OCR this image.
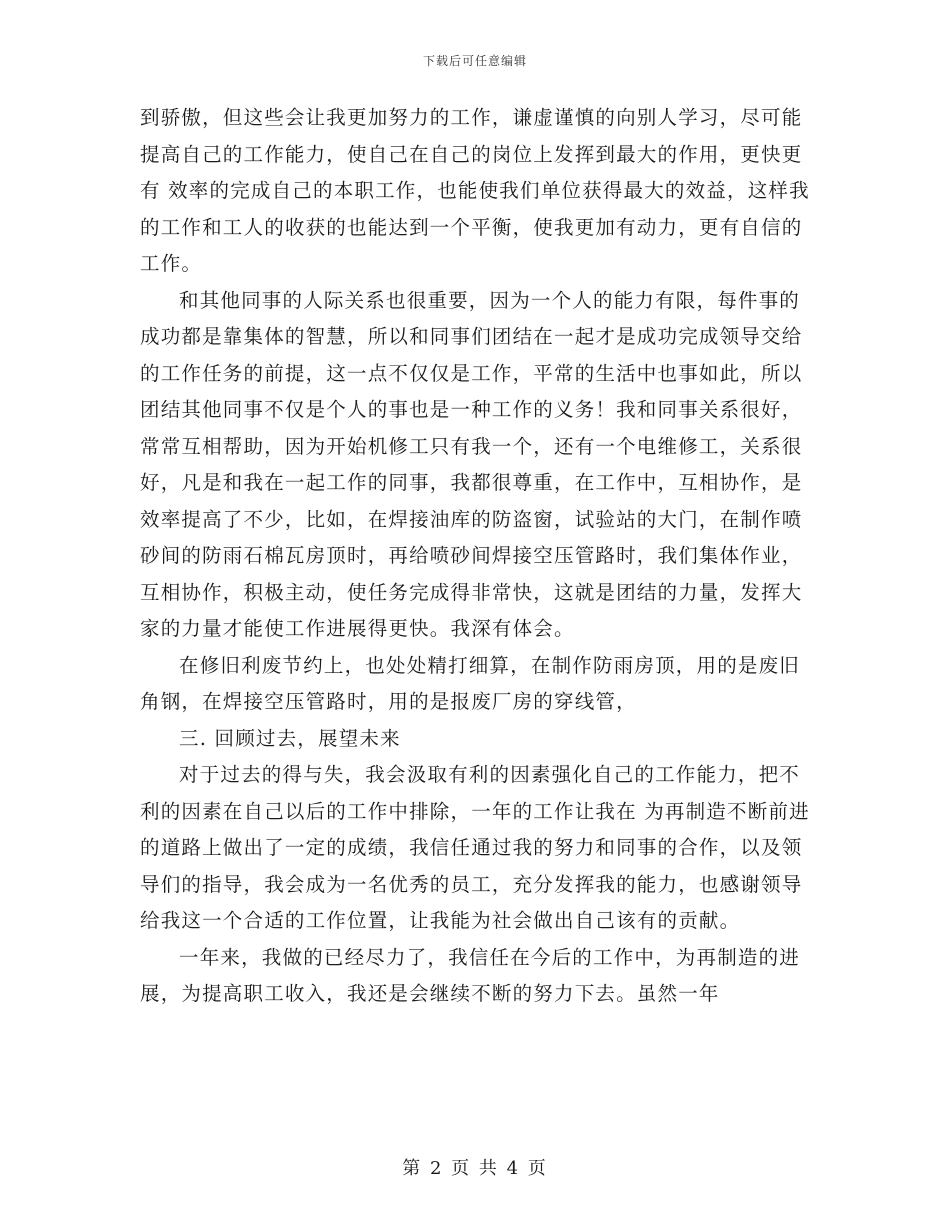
下载后可任意编辑

到骄傲，但这些会让我更加努力的工作，谦虚谨慎的向别人学习，尽可能提高自己的工作能力，使自己在自己的岗位上发挥到最大的作用，更快更有 效率的完成自己的本职工作，也能使我们单位获得最大的效益，这样我的工作和工人的收获的也能达到一个平衡，使我更加有动力，更有自信的工作。

和其他同事的人际关系也很重要，因为一个人的能力有限，每件事的成功都是靠集体的智慧，所以和同事们团结在一起才是成功完成领导交给的工作任务的前提，这一点不仅仅是工作，平常的生活中也事如此，所以团结其他同事不仅是个人的事也是一种工作的义务！我和同事关系很好，常常互相帮助，因为开始机修工只有我一个，还有一个电维修工，关系很好，凡是和我在一起工作的同事，我都很尊重，在工作中，互相协作，是效率提高了不少，比如，在焊接油库的防盗窗，试验站的大门，在制作喷砂间的防雨石棉瓦房顶时，再给喷砂间焊接空压管路时，我们集体作业，互相协作，积极主动，使任务完成得非常快，这就是团结的力量，发挥大家的力量才能使工作进展得更快。我深有体会。

在修旧利废节约上，也处处精打细算，在制作防雨房顶，用的是废旧角钢，在焊接空压管路时，用的是报废厂房的穿线管，

三. 回顾过去，展望未来

对于过去的得与失，我会汲取有利的因素强化自己的工作能力，把不利的因素在自己以后的工作中排除，一年的工作让我在 为再制造不断前进的道路上做出了一定的成绩，我信任通过我的努力和同事的合作，以及领导们的指导，我会成为一名优秀的员工，充分发挥我的能力，也感谢领导给我这一个合适的工作位置，让我能为社会做出自己该有的贡献。

一年来，我做的已经尽力了，我信任在今后的工作中，为再制造的进展，为提高职工收入，我还是会继续不断的努力下去。虽然一年

第 2 页 共 4 页
